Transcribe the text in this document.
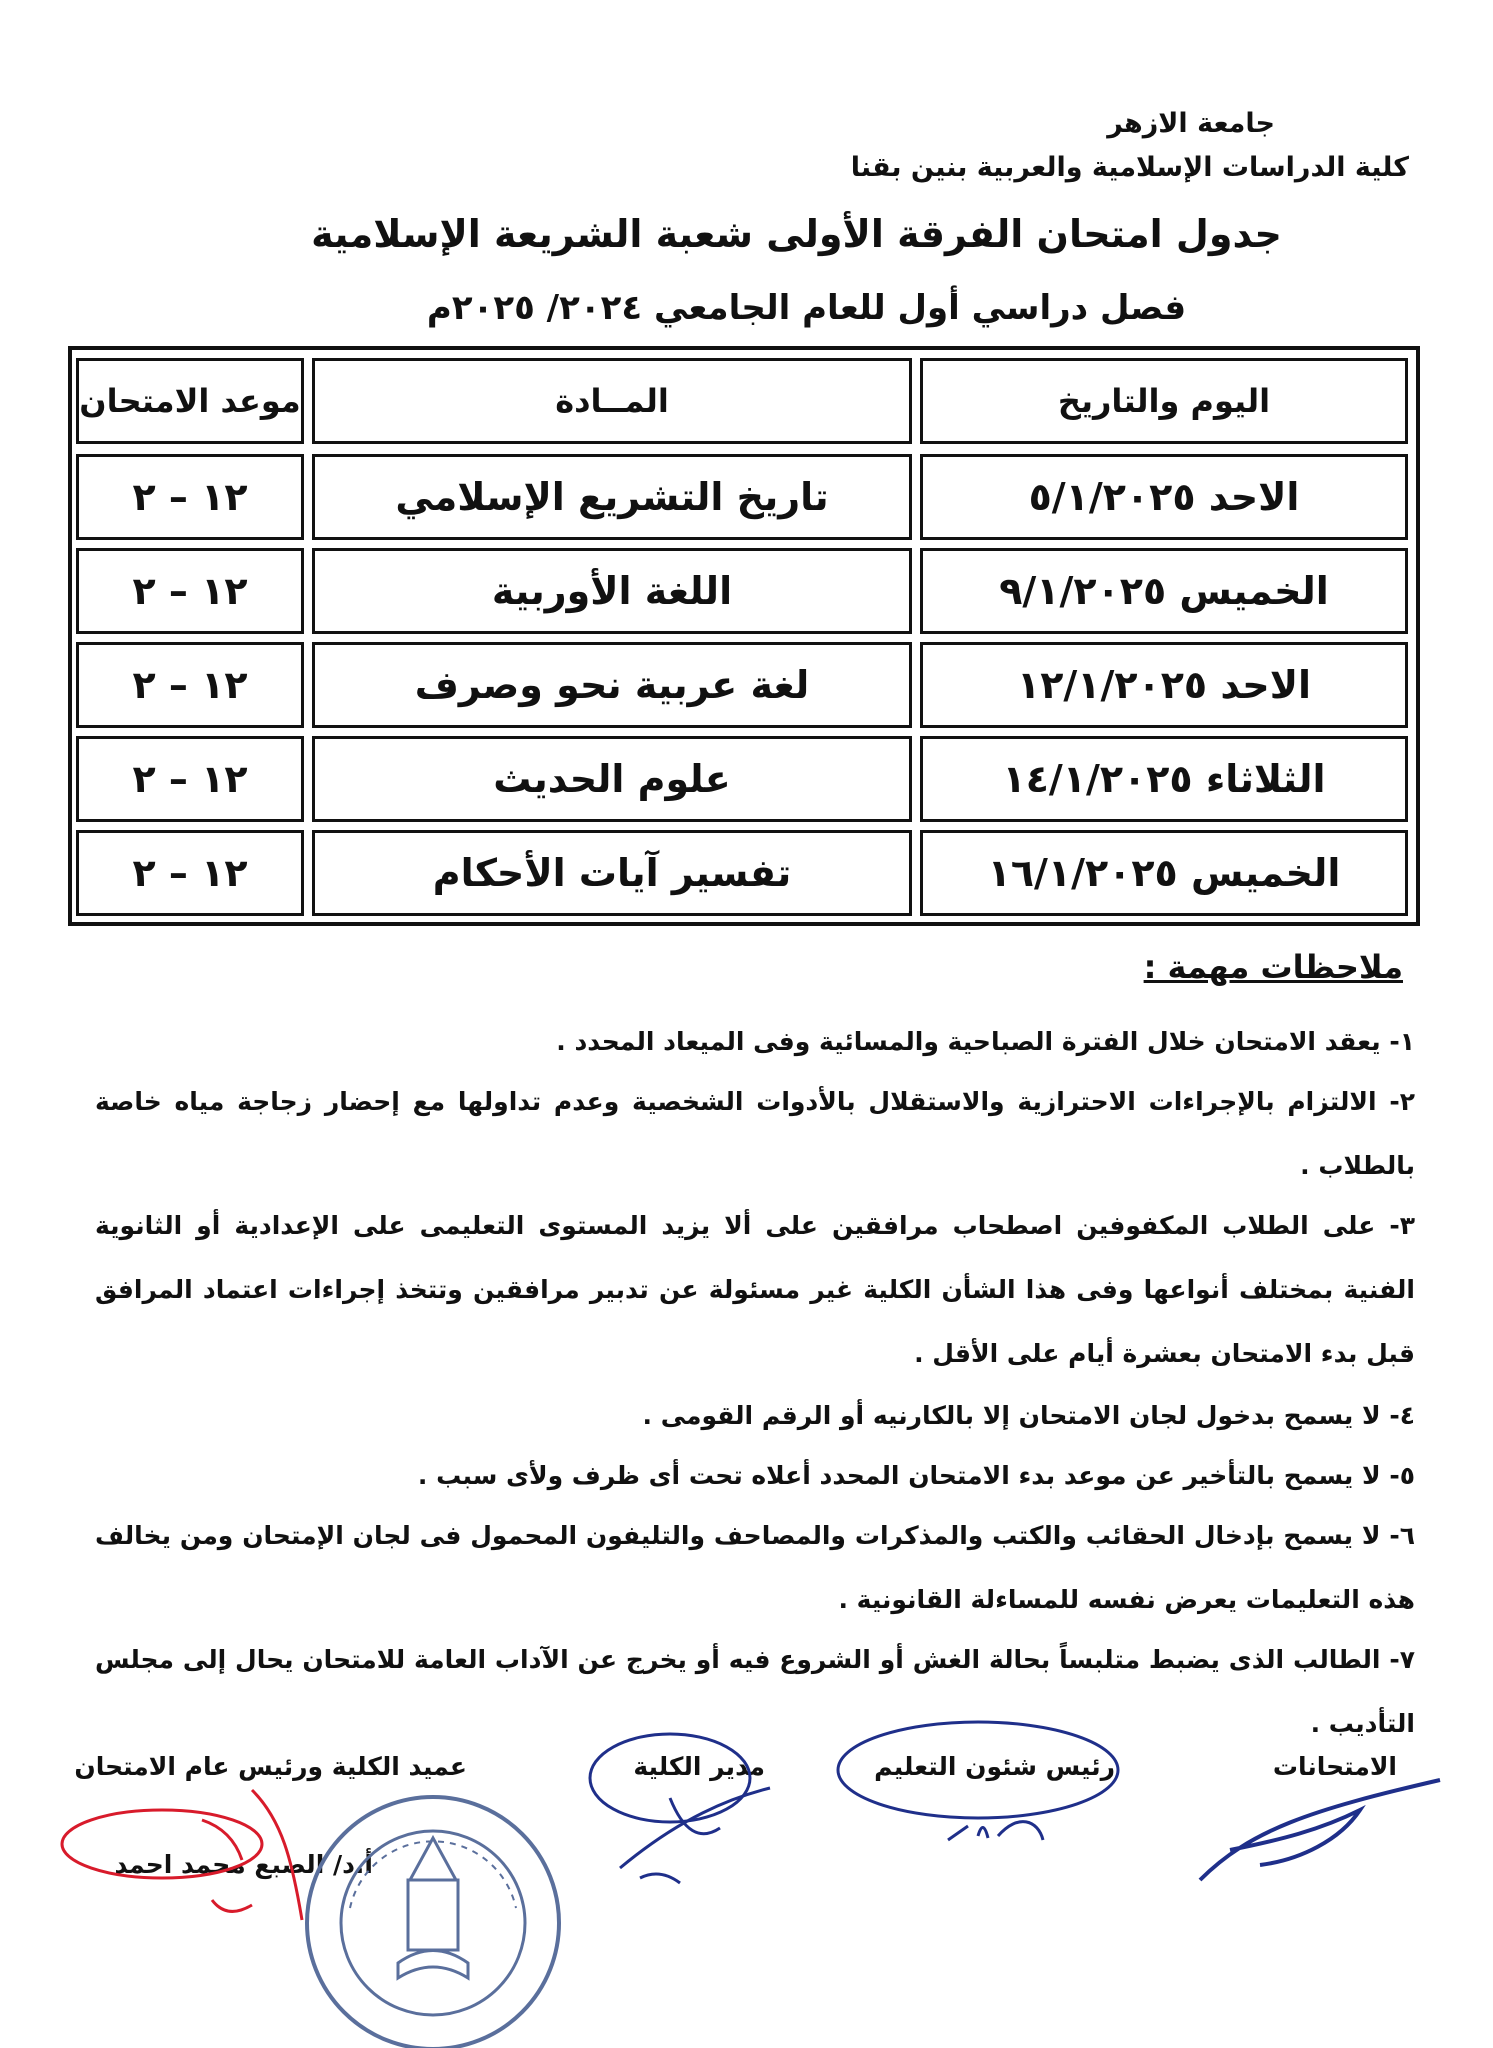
جامعة الازهر
كلية الدراسات الإسلامية والعربية بنين بقنا
جدول امتحان الفرقة الأولى شعبة الشريعة الإسلامية
فصل دراسي أول للعام الجامعي ٢٠٢٤/ ٢٠٢٥م
اليوم والتاريخ
المــادة
موعد الامتحان
الاحد ٥/١/٢٠٢٥
تاريخ التشريع الإسلامي
١٢ – ٢
الخميس ٩/١/٢٠٢٥
اللغة الأوربية
١٢ – ٢
الاحد ١٢/١/٢٠٢٥
لغة عربية نحو وصرف
١٢ – ٢
الثلاثاء ١٤/١/٢٠٢٥
علوم الحديث
١٢ – ٢
الخميس ١٦/١/٢٠٢٥
تفسير آيات الأحكام
١٢ – ٢
ملاحظات مهمة :
١- يعقد الامتحان خلال الفترة الصباحية والمسائية وفى الميعاد المحدد .
٢- الالتزام بالإجراءات الاحترازية والاستقلال بالأدوات الشخصية وعدم تداولها مع إحضار زجاجة مياه خاصة بالطلاب .
٣- على الطلاب المكفوفين اصطحاب مرافقين على ألا يزيد المستوى التعليمى على الإعدادية أو الثانوية الفنية بمختلف أنواعها وفى هذا الشأن الكلية غير مسئولة عن تدبير مرافقين وتتخذ إجراءات اعتماد المرافق قبل بدء الامتحان بعشرة أيام على الأقل .
٤- لا يسمح بدخول لجان الامتحان إلا بالكارنيه أو الرقم القومى .
٥- لا يسمح بالتأخير عن موعد بدء الامتحان المحدد أعلاه تحت أى ظرف ولأى سبب .
٦- لا يسمح بإدخال الحقائب والكتب والمذكرات والمصاحف والتليفون المحمول فى لجان الإمتحان ومن يخالف هذه التعليمات يعرض نفسه للمساءلة القانونية .
٧- الطالب الذى يضبط متلبساً بحالة الغش أو الشروع فيه أو يخرج عن الآداب العامة للامتحان يحال إلى مجلس التأديب .
الامتحانات
رئيس شئون التعليم
مدير الكلية
عميد الكلية ورئيس عام الامتحان
أ.د/ الضبع محمد احمد
